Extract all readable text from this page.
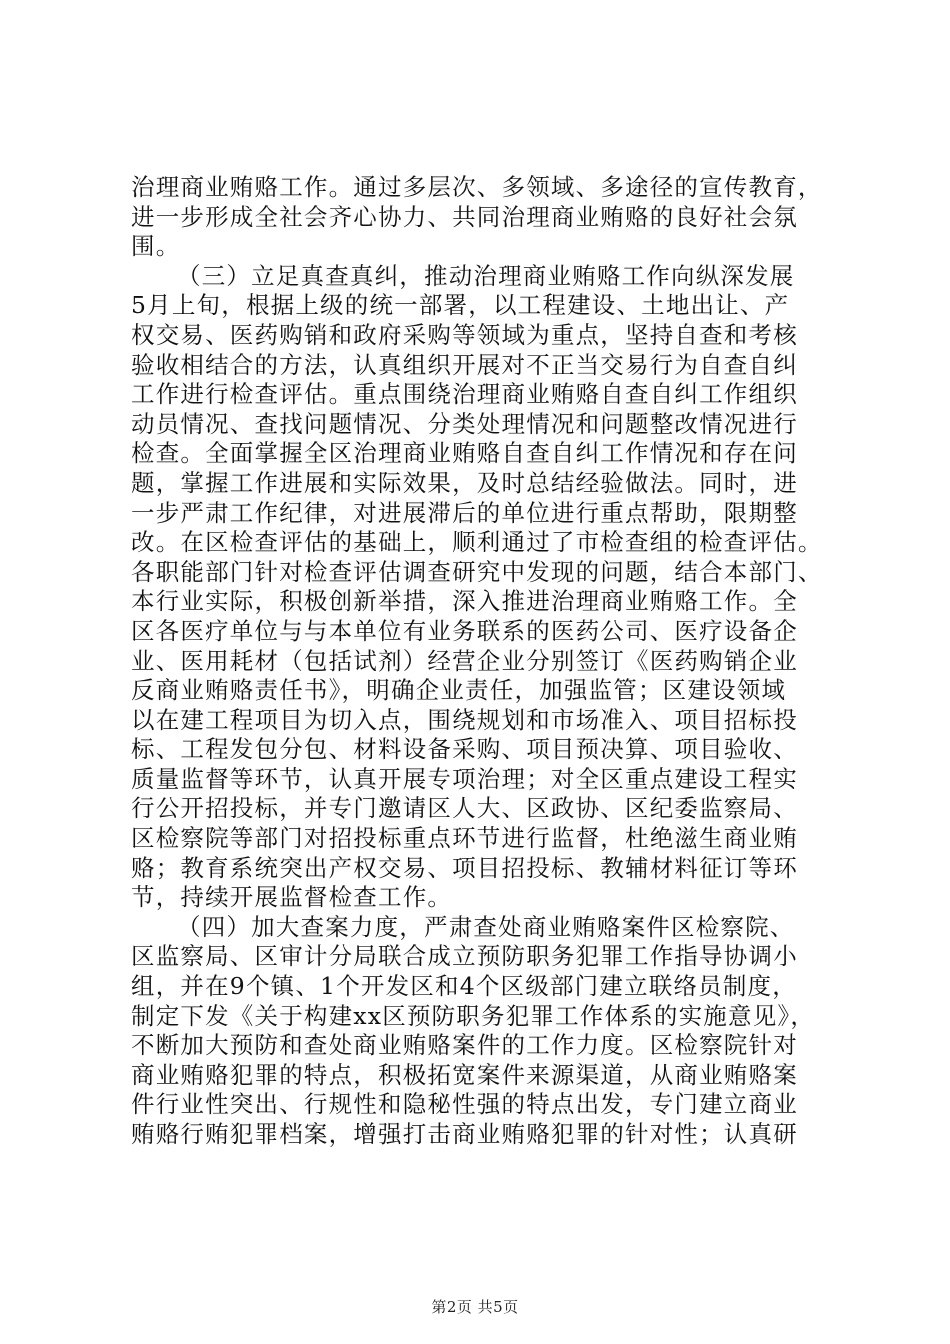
治理商业贿赂工作。通过多层次、多领域、多途径的宣传教育，
进一步形成全社会齐心协力、共同治理商业贿赂的良好社会氛
围。
（三）立足真查真纠，推动治理商业贿赂工作向纵深发展
5月上旬，根据上级的统一部署，以工程建设、土地出让、产
权交易、医药购销和政府采购等领域为重点，坚持自查和考核
验收相结合的方法，认真组织开展对不正当交易行为自查自纠
工作进行检查评估。重点围绕治理商业贿赂自查自纠工作组织
动员情况、查找问题情况、分类处理情况和问题整改情况进行
检查。全面掌握全区治理商业贿赂自查自纠工作情况和存在问
题，掌握工作进展和实际效果，及时总结经验做法。同时，进
一步严肃工作纪律，对进展滞后的单位进行重点帮助，限期整
改。在区检查评估的基础上，顺利通过了市检查组的检查评估。
各职能部门针对检查评估调查研究中发现的问题，结合本部门、
本行业实际，积极创新举措，深入推进治理商业贿赂工作。全
区各医疗单位与与本单位有业务联系的医药公司、医疗设备企
业、医用耗材（包括试剂）经营企业分别签订《医药购销企业
反商业贿赂责任书》，明确企业责任，加强监管；区建设领域
以在建工程项目为切入点，围绕规划和市场准入、项目招标投
标、工程发包分包、材料设备采购、项目预决算、项目验收、
质量监督等环节，认真开展专项治理；对全区重点建设工程实
行公开招投标，并专门邀请区人大、区政协、区纪委监察局、
区检察院等部门对招投标重点环节进行监督，杜绝滋生商业贿
赂；教育系统突出产权交易、项目招投标、教辅材料征订等环
节，持续开展监督检查工作。
（四）加大查案力度，严肃查处商业贿赂案件区检察院、
区监察局、区审计分局联合成立预防职务犯罪工作指导协调小
组，并在9个镇、1个开发区和4个区级部门建立联络员制度，
制定下发《关于构建xx区预防职务犯罪工作体系的实施意见》，
不断加大预防和查处商业贿赂案件的工作力度。区检察院针对
商业贿赂犯罪的特点，积极拓宽案件来源渠道，从商业贿赂案
件行业性突出、行规性和隐秘性强的特点出发，专门建立商业
贿赂行贿犯罪档案，增强打击商业贿赂犯罪的针对性；认真研
第2页 共5页
